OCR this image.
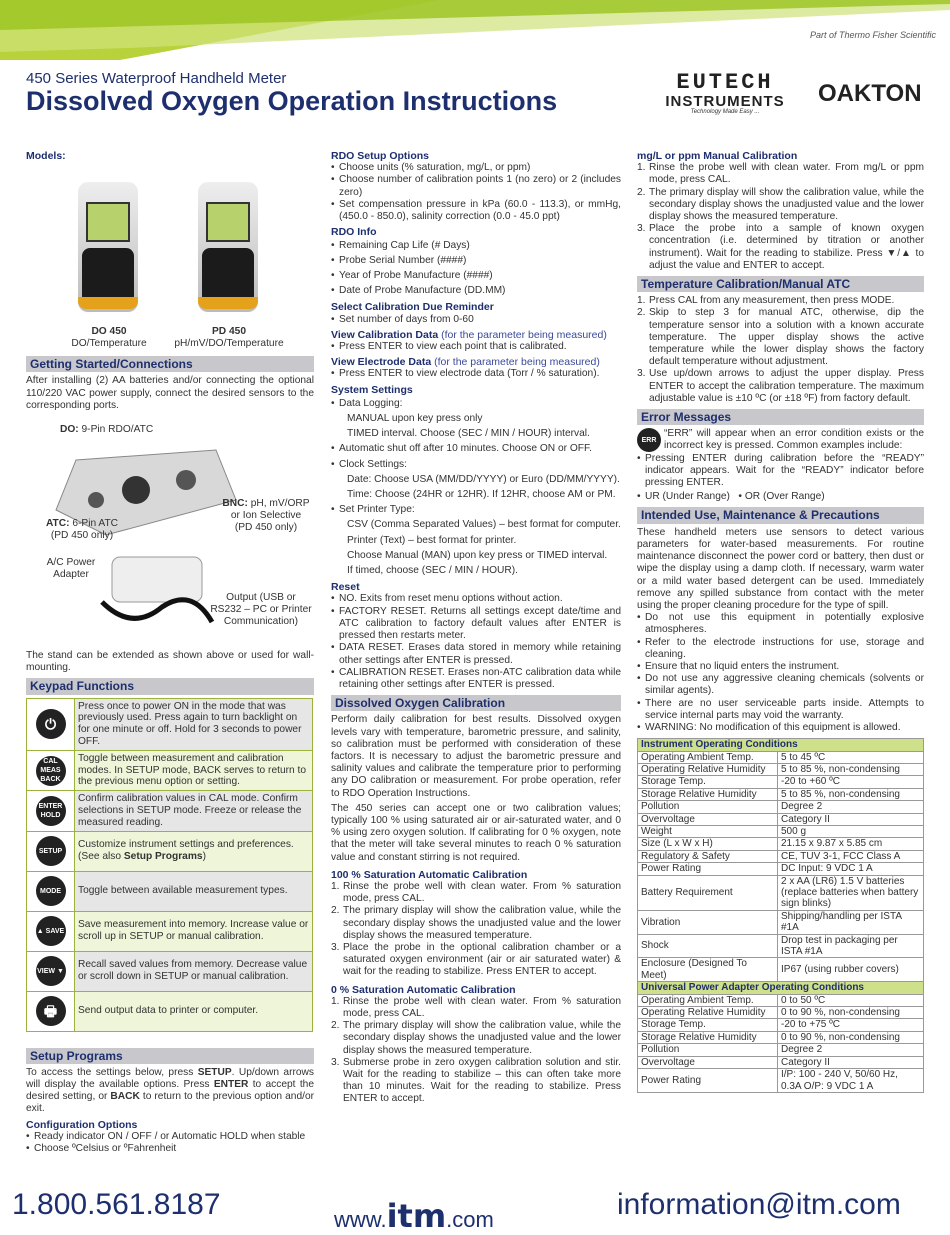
Part of Thermo Fisher Scientific
450 Series Waterproof Handheld Meter
Dissolved Oxygen Operation Instructions
EUTECH
INSTRUMENTS
Technology Made Easy ...
OAKTON
Models:
DO 450
DO/Temperature
PD 450
pH/mV/DO/Temperature
Getting Started/Connections
After installing (2) AA batteries and/or connecting the optional 110/220 VAC power supply, connect the desired sensors to the corresponding ports.
DO: 9-Pin RDO/ATC
BNC: pH, mV/ORP
or Ion Selective
(PD 450 only)
ATC: 6-Pin ATC
(PD 450 only)
A/C Power
Adapter
Output (USB or
RS232 – PC or Printer
Communication)
The stand can be extended as shown above or used for wall-mounting.
Keypad Functions
⏻	Press once to power ON in the mode that was previously used. Press again to turn backlight on for one minute or off. Hold for 3 seconds to power OFF.
CAL MEAS BACK	Toggle between measurement and calibration modes. In SETUP mode, BACK serves to return to the previous menu option or setting.
ENTER HOLD	Confirm calibration values in CAL mode. Confirm selections in SETUP mode. Freeze or release the measured reading.
SETUP	Customize instrument settings and preferences. (See also Setup Programs)
MODE	Toggle between available measurement types.
▲ SAVE	Save measurement into memory. Increase value or scroll up in SETUP or manual calibration.
VIEW ▼	Recall saved values from memory. Decrease value or scroll down in SETUP or manual calibration.
🖶	Send output data to printer or computer.
Setup Programs
To access the settings below, press SETUP. Up/down arrows will display the available options. Press ENTER to accept the desired setting, or BACK to return to the previous option and/or exit.
Configuration Options
• Ready indicator ON / OFF / or Automatic HOLD when stable
• Choose ºCelsius or ºFahrenheit
RDO Setup Options
• Choose units (% saturation, mg/L, or ppm)
• Choose number of calibration points 1 (no zero) or 2 (includes zero)
• Set compensation pressure in kPa (60.0 - 113.3), or mmHg, (450.0 - 850.0), salinity correction (0.0 - 45.0 ppt)
RDO Info
• Remaining Cap Life (# Days)
• Probe Serial Number (####)
• Year of Probe Manufacture (####)
• Date of Probe Manufacture (DD.MM)
Select Calibration Due Reminder
• Set number of days from 0-60
View Calibration Data (for the parameter being measured)
• Press ENTER to view each point that is calibrated.
View Electrode Data (for the parameter being measured)
• Press ENTER to view electrode data (Torr / % saturation).
System Settings
• Data Logging:
MANUAL upon key press only
TIMED interval. Choose (SEC / MIN / HOUR) interval.
• Automatic shut off after 10 minutes. Choose ON or OFF.
• Clock Settings:
Date: Choose USA (MM/DD/YYYY) or Euro (DD/MM/YYYY).
Time: Choose (24HR or 12HR). If 12HR, choose AM or PM.
• Set Printer Type:
CSV (Comma Separated Values) – best format for computer.
Printer (Text) – best format for printer.
Choose Manual (MAN) upon key press or TIMED interval.
If timed, choose (SEC / MIN / HOUR).
Reset
• NO. Exits from reset menu options without action.
• FACTORY RESET. Returns all settings except date/time and ATC calibration to factory default values after ENTER is pressed then restarts meter.
• DATA RESET. Erases data stored in memory while retaining other settings after ENTER is pressed.
• CALIBRATION RESET. Erases non-ATC calibration data while retaining other settings after ENTER is pressed.
Dissolved Oxygen Calibration
Perform daily calibration for best results. Dissolved oxygen levels vary with temperature, barometric pressure, and salinity, so calibration must be performed with consideration of these factors. It is necessary to adjust the barometric pressure and salinity values and calibrate the temperature prior to performing any DO calibration or measurement. For probe operation, refer to RDO Operation Instructions.
The 450 series can accept one or two calibration values; typically 100 % using saturated air or air-saturated water, and 0 % using zero oxygen solution. If calibrating for 0 % oxygen, note that the meter will take several minutes to reach 0 % saturation value and constant stirring is not required.
100 % Saturation Automatic Calibration
1. Rinse the probe well with clean water. From % saturation mode, press CAL.
2. The primary display will show the calibration value, while the secondary display shows the unadjusted value and the lower display shows the measured temperature.
3. Place the probe in the optional calibration chamber or a saturated oxygen environment (air or air saturated water) & wait for the reading to stabilize. Press ENTER to accept.
0 % Saturation Automatic Calibration
1. Rinse the probe well with clean water. From % saturation mode, press CAL.
2. The primary display will show the calibration value, while the secondary display shows the unadjusted value and the lower display shows the measured temperature.
3. Submerse probe in zero oxygen calibration solution and stir. Wait for the reading to stabilize – this can often take more than 10 minutes. Wait for the reading to stabilize. Press ENTER to accept.
mg/L or ppm Manual Calibration
1. Rinse the probe well with clean water. From mg/L or ppm mode, press CAL.
2. The primary display will show the calibration value, while the secondary display shows the unadjusted value and the lower display shows the measured temperature.
3. Place the probe into a sample of known oxygen concentration (i.e. determined by titration or another instrument). Wait for the reading to stabilize. Press ▼/▲ to adjust the value and ENTER to accept.
Temperature Calibration/Manual ATC
1. Press CAL from any measurement, then press MODE.
2. Skip to step 3 for manual ATC, otherwise, dip the temperature sensor into a solution with a known accurate temperature. The upper display shows the active temperature while the lower display shows the factory default temperature without adjustment.
3. Use up/down arrows to adjust the upper display. Press ENTER to accept the calibration temperature. The maximum adjustable value is ±10 ºC (or ±18 ºF) from factory default.
Error Messages
ERR
“ERR” will appear when an error condition exists or the incorrect key is pressed. Common examples include:
• Pressing ENTER during calibration before the “READY” indicator appears. Wait for the “READY” indicator before pressing ENTER.
• UR (Under Range)   • OR (Over Range)
Intended Use, Maintenance & Precautions
These handheld meters use sensors to detect various parameters for water-based measurements. For routine maintenance disconnect the power cord or battery, then dust or wipe the display using a damp cloth. If necessary, warm water or a mild water based detergent can be used. Immediately remove any spilled substance from contact with the meter using the proper cleaning procedure for the type of spill.
• Do not use this equipment in potentially explosive atmospheres.
• Refer to the electrode instructions for use, storage and cleaning.
• Ensure that no liquid enters the instrument.
• Do not use any aggressive cleaning chemicals (solvents or similar agents).
• There are no user serviceable parts inside. Attempts to service internal parts may void the warranty.
• WARNING: No modification of this equipment is allowed.
Instrument Operating Conditions	
Operating Ambient Temp.	5 to 45 ºC
Operating Relative Humidity	5 to 85 %, non-condensing
Storage Temp.	-20 to +60 ºC
Storage Relative Humidity	5 to 85 %, non-condensing
Pollution	Degree 2
Overvoltage	Category II
Weight	500 g
Size (L x W x H)	21.15 x 9.87 x 5.85 cm
Regulatory & Safety	CE, TUV 3-1, FCC Class A
Power Rating	DC Input: 9 VDC 1 A
Battery Requirement	2 x AA (LR6) 1.5 V batteries (replace batteries when battery sign blinks)
Vibration	Shipping/handling per ISTA #1A
Shock	Drop test in packaging per ISTA #1A
Enclosure (Designed To Meet)	IP67 (using rubber covers)
Universal Power Adapter Operating Conditions	
Operating Ambient Temp.	0 to 50 ºC
Operating Relative Humidity	0 to 90 %, non-condensing
Storage Temp.	-20 to +75 ºC
Storage Relative Humidity	0 to 90 %, non-condensing
Pollution	Degree 2
Overvoltage	Category II
Power Rating	I/P: 100 - 240 V, 50/60 Hz, 0.3A O/P: 9 VDC 1 A
1.800.561.8187	www.itm.com	information@itm.com
